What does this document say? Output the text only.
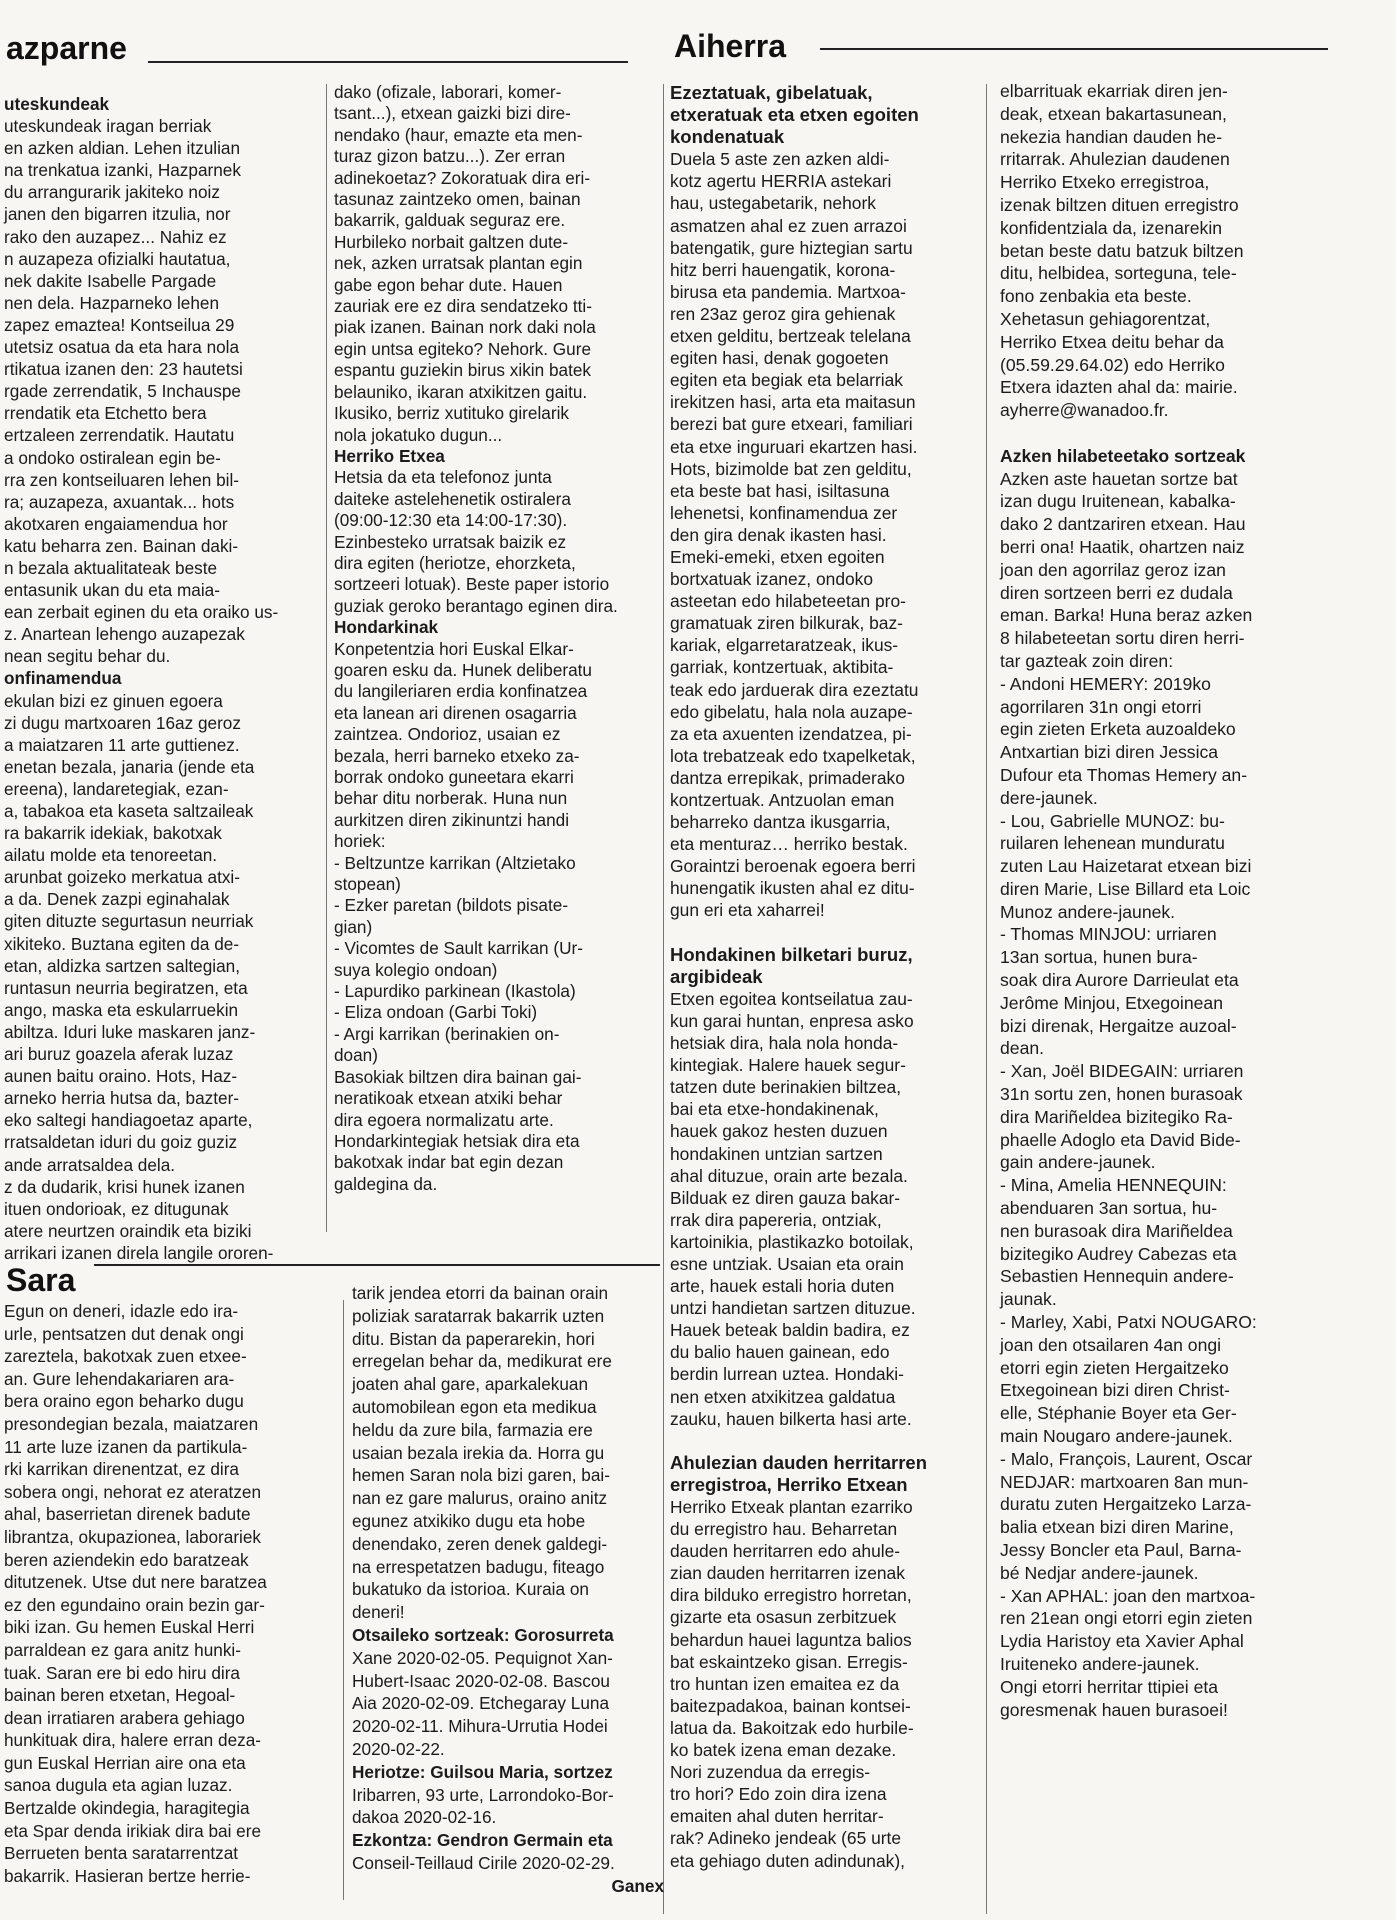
azparne	Aiherra
Sara

uteskundeak

uteskundeak iragan berriak

en azken aldian. Lehen itzulian

na trenkatua izanki, Hazparnek

du arrangurarik jakiteko noiz

janen den bigarren itzulia, nor

rako den auzapez... Nahiz ez

n auzapeza ofizialki hautatua,

nek dakite Isabelle Pargade

nen dela. Hazparneko lehen

zapez emaztea! Kontseilua 29

utetsiz osatua da eta hara nola

rtikatua izanen den: 23 hautetsi

rgade zerrendatik, 5 Inchauspe

rrendatik eta Etchetto bera

ertzaleen zerrendatik. Hautatu

a ondoko ostiralean egin be-

rra zen kontseiluaren lehen bil-

ra; auzapeza, axuantak... hots

akotxaren engaiamendua hor

katu beharra zen. Bainan daki-

n bezala aktualitateak beste

entasunik ukan du eta maia-

ean zerbait eginen du eta oraiko us-

z. Anartean lehengo auzapezak

nean segitu behar du.

onfinamendua

ekulan bizi ez ginuen egoera

zi dugu martxoaren 16az geroz

a maiatzaren 11 arte guttienez.

enetan bezala, janaria (jende eta

ereena), landaretegiak, ezan-

a, tabakoa eta kaseta saltzaileak

ra bakarrik idekiak, bakotxak

ailatu molde eta tenoreetan.

arunbat goizeko merkatua atxi-

a da. Denek zazpi eginahalak

giten dituzte segurtasun neurriak

xikiteko. Buztana egiten da de-

etan, aldizka sartzen saltegian,

runtasun neurria begiratzen, eta

ango, maska eta eskularruekin

abiltza. Iduri luke maskaren janz-

ari buruz goazela aferak luzaz

aunen baitu oraino. Hots, Haz-

arneko herria hutsa da, bazter-

eko saltegi handiagoetaz aparte,

rratsaldetan iduri du goiz guziz

ande arratsaldea dela.

z da dudarik, krisi hunek izanen

ituen ondorioak, ez ditugunak

atere neurtzen oraindik eta biziki

arrikari izanen direla langile ororen-

dako (ofizale, laborari, komer-

tsant...), etxean gaizki bizi dire-

nendako (haur, emazte eta men-

turaz gizon batzu...). Zer erran

adinekoetaz? Zokoratuak dira eri-

tasunaz zaintzeko omen, bainan

bakarrik, galduak seguraz ere.

Hurbileko norbait galtzen dute-

nek, azken urratsak plantan egin

gabe egon behar dute. Hauen

zauriak ere ez dira sendatzeko tti-

piak izanen. Bainan nork daki nola

egin untsa egiteko? Nehork. Gure

espantu guziekin birus xikin batek

belauniko, ikaran atxikitzen gaitu.

Ikusiko, berriz xutituko girelarik

nola jokatuko dugun...

Herriko Etxea

Hetsia da eta telefonoz junta

daiteke astelehenetik ostiralera

(09:00-12:30 eta 14:00-17:30).

Ezinbesteko urratsak baizik ez

dira egiten (heriotze, ehorzketa,

sortzeeri lotuak). Beste paper istorio

guziak geroko berantago eginen dira.

Hondarkinak

Konpetentzia hori Euskal Elkar-

goaren esku da. Hunek deliberatu

du langileriaren erdia konfinatzea

eta lanean ari direnen osagarria

zaintzea. Ondorioz, usaian ez

bezala, herri barneko etxeko za-

borrak ondoko guneetara ekarri

behar ditu norberak. Huna nun

aurkitzen diren zikinuntzi handi

horiek:

- Beltzuntze karrikan (Altzietako

stopean)

- Ezker paretan (bildots pisate-

gian)

- Vicomtes de Sault karrikan (Ur-

suya kolegio ondoan)

- Lapurdiko parkinean (Ikastola)

- Eliza ondoan (Garbi Toki)

- Argi karrikan (berinakien on-

doan)

Basokiak biltzen dira bainan gai-

neratikoak etxean atxiki behar

dira egoera normalizatu arte.

Hondarkintegiak hetsiak dira eta

bakotxak indar bat egin dezan

galdegina da.

Ezeztatuak, gibelatuak,

etxeratuak eta etxen egoiten

kondenatuak

Duela 5 aste zen azken aldi-

kotz agertu HERRIA astekari

hau, ustegabetarik, nehork

asmatzen ahal ez zuen arrazoi

batengatik, gure hiztegian sartu

hitz berri hauengatik, korona-

birusa eta pandemia. Martxoa-

ren 23az geroz gira gehienak

etxen gelditu, bertzeak telelana

egiten hasi, denak gogoeten

egiten eta begiak eta belarriak

irekitzen hasi, arta eta maitasun

berezi bat gure etxeari, familiari

eta etxe inguruari ekartzen hasi.

Hots, bizimolde bat zen gelditu,

eta beste bat hasi, isiltasuna

lehenetsi, konfinamendua zer

den gira denak ikasten hasi.

Emeki-emeki, etxen egoiten

bortxatuak izanez, ondoko

asteetan edo hilabeteetan pro-

gramatuak ziren bilkurak, baz-

kariak, elgarretaratzeak, ikus-

garriak, kontzertuak, aktibita-

teak edo jarduerak dira ezeztatu

edo gibelatu, hala nola auzape-

za eta axuenten izendatzea, pi-

lota trebatzeak edo txapelketak,

dantza errepikak, primaderako

kontzertuak. Antzuolan eman

beharreko dantza ikusgarria,

eta menturaz… herriko bestak.

Goraintzi beroenak egoera berri

hunengatik ikusten ahal ez ditu-

gun eri eta xaharrei!

Hondakinen bilketari buruz,

argibideak

Etxen egoitea kontseilatua zau-

kun garai huntan, enpresa asko

hetsiak dira, hala nola honda-

kintegiak. Halere hauek segur-

tatzen dute berinakien biltzea,

bai eta etxe-hondakinenak,

hauek gakoz hesten duzuen

hondakinen untzian sartzen

ahal dituzue, orain arte bezala.

Bilduak ez diren gauza bakar-

rrak dira papereria, ontziak,

kartoinikia, plastikazko botoilak,

esne untziak. Usaian eta orain

arte, hauek estali horia duten

untzi handietan sartzen dituzue.

Hauek beteak baldin badira, ez

du balio hauen gainean, edo

berdin lurrean uztea. Hondaki-

nen etxen atxikitzea galdatua

zauku, hauen bilkerta hasi arte.

Ahulezian dauden herritarren

erregistroa, Herriko Etxean

Herriko Etxeak plantan ezarriko

du erregistro hau. Beharretan

dauden herritarren edo ahule-

zian dauden herritarren izenak

dira bilduko erregistro horretan,

gizarte eta osasun zerbitzuek

behardun hauei laguntza balios

bat eskaintzeko gisan. Erregis-

tro huntan izen emaitea ez da

baitezpadakoa, bainan kontsei-

latua da. Bakoitzak edo hurbile-

ko batek izena eman dezake.

Nori zuzendua da erregis-

tro hori? Edo zoin dira izena

emaiten ahal duten herritar-

rak? Adineko jendeak (65 urte

eta gehiago duten adindunak),

elbarrituak ekarriak diren jen-

deak, etxean bakartasunean,

nekezia handian dauden he-

rritarrak. Ahulezian daudenen

Herriko Etxeko erregistroa,

izenak biltzen dituen erregistro

konfidentziala da, izenarekin

betan beste datu batzuk biltzen

ditu, helbidea, sorteguna, tele-

fono zenbakia eta beste.

Xehetasun gehiagorentzat,

Herriko Etxea deitu behar da

(05.59.29.64.02) edo Herriko

Etxera idazten ahal da: mairie.

ayherre@wanadoo.fr.

Azken hilabeteetako sortzeak

Azken aste hauetan sortze bat

izan dugu Iruitenean, kabalka-

dako 2 dantzariren etxean. Hau

berri ona! Haatik, ohartzen naiz

joan den agorrilaz geroz izan

diren sortzeen berri ez dudala

eman. Barka! Huna beraz azken

8 hilabeteetan sortu diren herri-

tar gazteak zoin diren:

- Andoni HEMERY: 2019ko

agorrilaren 31n ongi etorri

egin zieten Erketa auzoaldeko

Antxartian bizi diren Jessica

Dufour eta Thomas Hemery an-

dere-jaunek.

- Lou, Gabrielle MUNOZ: bu-

ruilaren lehenean munduratu

zuten Lau Haizetarat etxean bizi

diren Marie, Lise Billard eta Loic

Munoz andere-jaunek.

- Thomas MINJOU: urriaren

13an sortua, hunen bura-

soak dira Aurore Darrieulat eta

Jerôme Minjou, Etxegoinean

bizi direnak, Hergaitze auzoal-

dean.

- Xan, Joël BIDEGAIN: urriaren

31n sortu zen, honen burasoak

dira Mariñeldea bizitegiko Ra-

phaelle Adoglo eta David Bide-

gain andere-jaunek.

- Mina, Amelia HENNEQUIN:

abenduaren 3an sortua, hu-

nen burasoak dira Mariñeldea

bizitegiko Audrey Cabezas eta

Sebastien Hennequin andere-

jaunak.

- Marley, Xabi, Patxi NOUGARO:

joan den otsailaren 4an ongi

etorri egin zieten Hergaitzeko

Etxegoinean bizi diren Christ-

elle, Stéphanie Boyer eta Ger-

main Nougaro andere-jaunek.

- Malo, François, Laurent, Oscar

NEDJAR: martxoaren 8an mun-

duratu zuten Hergaitzeko Larza-

balia etxean bizi diren Marine,

Jessy Boncler eta Paul, Barna-

bé Nedjar andere-jaunek.

- Xan APHAL: joan den martxoa-

ren 21ean ongi etorri egin zieten

Lydia Haristoy eta Xavier Aphal

Iruiteneko andere-jaunek.

Ongi etorri herritar ttipiei eta

goresmenak hauen burasoei!

Egun on deneri, idazle edo ira-

urle, pentsatzen dut denak ongi

zareztela, bakotxak zuen etxee-

an. Gure lehendakariaren ara-

bera oraino egon beharko dugu

presondegian bezala, maiatzaren

11 arte luze izanen da partikula-

rki karrikan direnentzat, ez dira

sobera ongi, nehorat ez ateratzen

ahal, baserrietan direnek badute

librantza, okupazionea, laborariek

beren aziendekin edo baratzeak

ditutzenek. Utse dut nere baratzea

ez den egundaino orain bezin gar-

biki izan. Gu hemen Euskal Herri

parraldean ez gara anitz hunki-

tuak. Saran ere bi edo hiru dira

bainan beren etxetan, Hegoal-

dean irratiaren arabera gehiago

hunkituak dira, halere erran deza-

gun Euskal Herrian aire ona eta

sanoa dugula eta agian luzaz.

Bertzalde okindegia, haragitegia

eta Spar denda irikiak dira bai ere

Berrueten benta saratarrentzat

bakarrik. Hasieran bertze herrie-

tarik jendea etorri da bainan orain

poliziak saratarrak bakarrik uzten

ditu. Bistan da paperarekin, hori

erregelan behar da, medikurat ere

joaten ahal gare, aparkalekuan

automobilean egon eta medikua

heldu da zure bila, farmazia ere

usaian bezala irekia da. Horra gu

hemen Saran nola bizi garen, bai-

nan ez gare malurus, oraino anitz

egunez atxikiko dugu eta hobe

denendako, zeren denek galdegi-

na errespetatzen badugu, fiteago

bukatuko da istorioa. Kuraia on

deneri!

Otsaileko sortzeak: Gorosurreta

Xane 2020-02-05. Pequignot Xan-

Hubert-Isaac 2020-02-08. Bascou

Aia 2020-02-09. Etchegaray Luna

2020-02-11. Mihura-Urrutia Hodei

2020-02-22.

Heriotze: Guilsou Maria, sortzez

Iribarren, 93 urte, Larrondoko-Bor-

dakoa 2020-02-16.

Ezkontza: Gendron Germain eta

Conseil-Teillaud Cirile 2020-02-29.

Ganex
